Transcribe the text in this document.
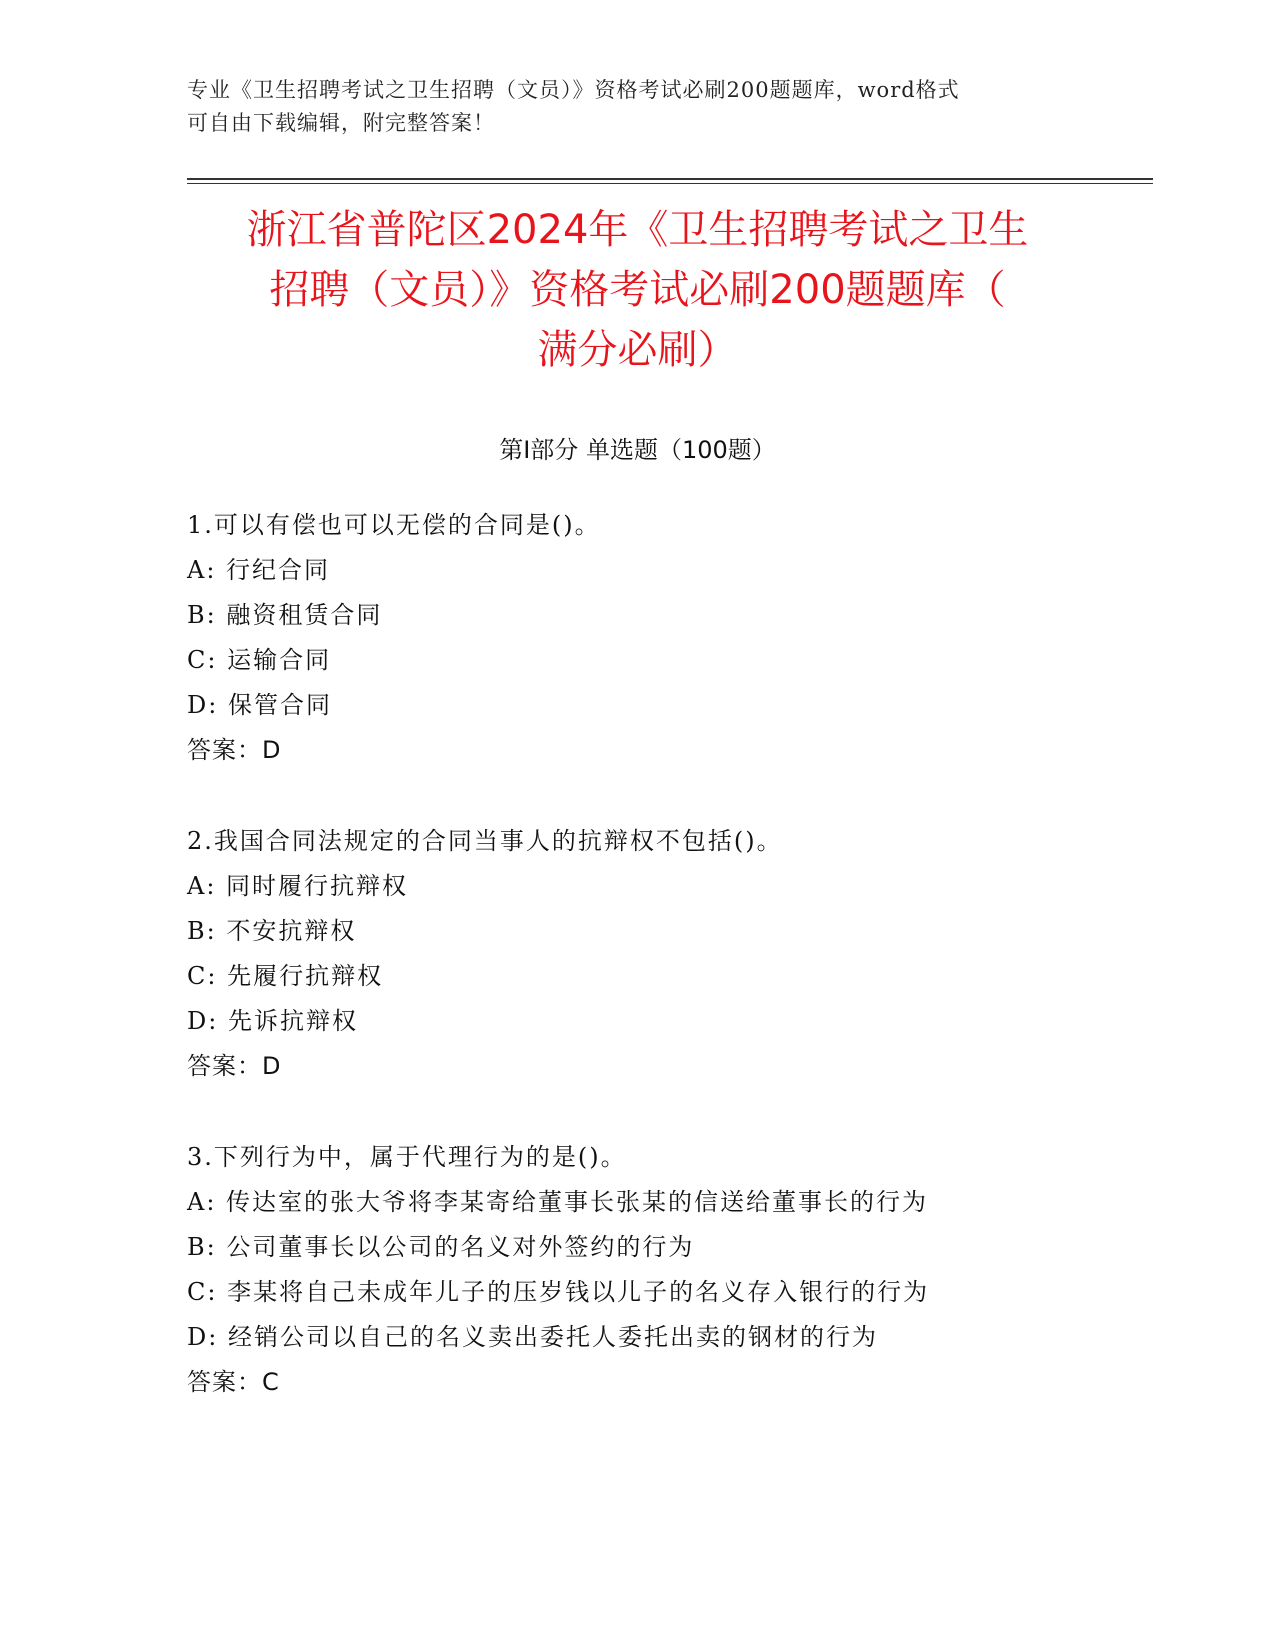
专业《卫生招聘考试之卫生招聘（文员）》资格考试必刷200题题库，word格式
可自由下载编辑，附完整答案！
浙江省普陀区2024年《卫生招聘考试之卫生
招聘（文员）》资格考试必刷200题题库（
满分必刷）
第Ⅰ部分 单选题（100题）
1.可以有偿也可以无偿的合同是()。
A: 行纪合同
B: 融资租赁合同
C: 运输合同
D: 保管合同
答案：D
2.我国合同法规定的合同当事人的抗辩权不包括()。
A: 同时履行抗辩权
B: 不安抗辩权
C: 先履行抗辩权
D: 先诉抗辩权
答案：D
3.下列行为中，属于代理行为的是()。
A: 传达室的张大爷将李某寄给董事长张某的信送给董事长的行为
B: 公司董事长以公司的名义对外签约的行为
C: 李某将自己未成年儿子的压岁钱以儿子的名义存入银行的行为
D: 经销公司以自己的名义卖出委托人委托出卖的钢材的行为
答案：C
